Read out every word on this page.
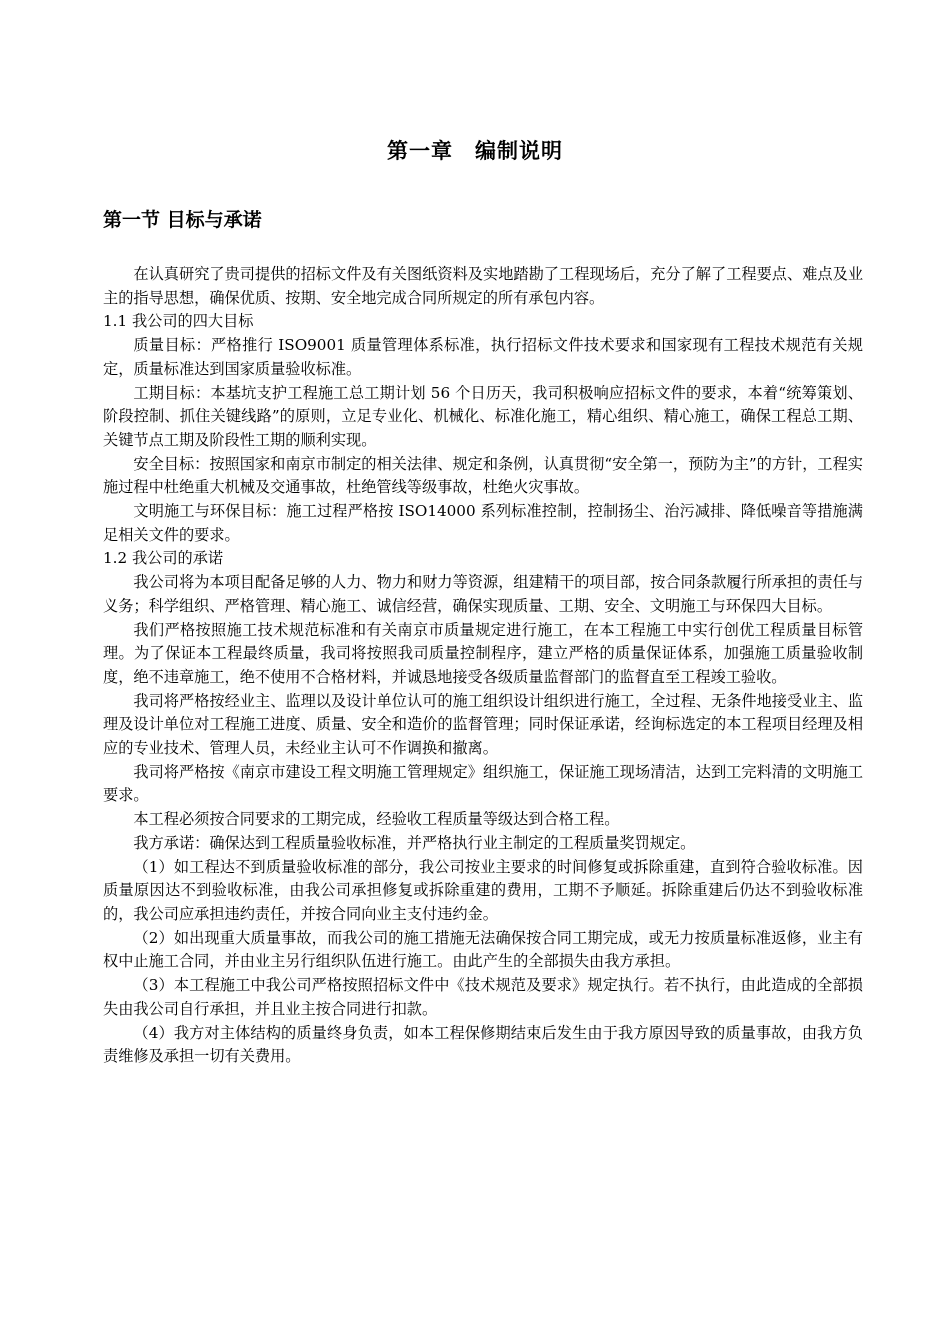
第一章　编制说明
第一节 目标与承诺

在认真研究了贵司提供的招标文件及有关图纸资料及实地踏勘了工程现场后，充分了解了工程要点、难点及业主的指导思想，确保优质、按期、安全地完成合同所规定的所有承包内容。

1.1 我公司的四大目标

质量目标：严格推行 ISO9001 质量管理体系标准，执行招标文件技术要求和国家现有工程技术规范有关规定，质量标准达到国家质量验收标准。

工期目标：本基坑支护工程施工总工期计划 56 个日历天，我司积极响应招标文件的要求，本着“统筹策划、阶段控制、抓住关键线路”的原则，立足专业化、机械化、标准化施工，精心组织、精心施工，确保工程总工期、关键节点工期及阶段性工期的顺利实现。

安全目标：按照国家和南京市制定的相关法律、规定和条例，认真贯彻“安全第一，预防为主”的方针，工程实施过程中杜绝重大机械及交通事故，杜绝管线等级事故，杜绝火灾事故。

文明施工与环保目标：施工过程严格按 ISO14000 系列标准控制，控制扬尘、治污减排、降低噪音等措施满足相关文件的要求。

1.2 我公司的承诺

我公司将为本项目配备足够的人力、物力和财力等资源，组建精干的项目部，按合同条款履行所承担的责任与义务；科学组织、严格管理、精心施工、诚信经营，确保实现质量、工期、安全、文明施工与环保四大目标。

我们严格按照施工技术规范标准和有关南京市质量规定进行施工，在本工程施工中实行创优工程质量目标管理。为了保证本工程最终质量，我司将按照我司质量控制程序，建立严格的质量保证体系，加强施工质量验收制度，绝不违章施工，绝不使用不合格材料，并诚恳地接受各级质量监督部门的监督直至工程竣工验收。

我司将严格按经业主、监理以及设计单位认可的施工组织设计组织进行施工，全过程、无条件地接受业主、监理及设计单位对工程施工进度、质量、安全和造价的监督管理；同时保证承诺，经询标选定的本工程项目经理及相应的专业技术、管理人员，未经业主认可不作调换和撤离。

我司将严格按《南京市建设工程文明施工管理规定》组织施工，保证施工现场清洁，达到工完料清的文明施工要求。

本工程必须按合同要求的工期完成，经验收工程质量等级达到合格工程。

我方承诺：确保达到工程质量验收标准，并严格执行业主制定的工程质量奖罚规定。

（1）如工程达不到质量验收标准的部分，我公司按业主要求的时间修复或拆除重建，直到符合验收标准。因质量原因达不到验收标准，由我公司承担修复或拆除重建的费用，工期不予顺延。拆除重建后仍达不到验收标准的，我公司应承担违约责任，并按合同向业主支付违约金。

（2）如出现重大质量事故，而我公司的施工措施无法确保按合同工期完成，或无力按质量标准返修，业主有权中止施工合同，并由业主另行组织队伍进行施工。由此产生的全部损失由我方承担。

（3）本工程施工中我公司严格按照招标文件中《技术规范及要求》规定执行。若不执行，由此造成的全部损失由我公司自行承担，并且业主按合同进行扣款。

（4）我方对主体结构的质量终身负责，如本工程保修期结束后发生由于我方原因导致的质量事故，由我方负责维修及承担一切有关费用。
